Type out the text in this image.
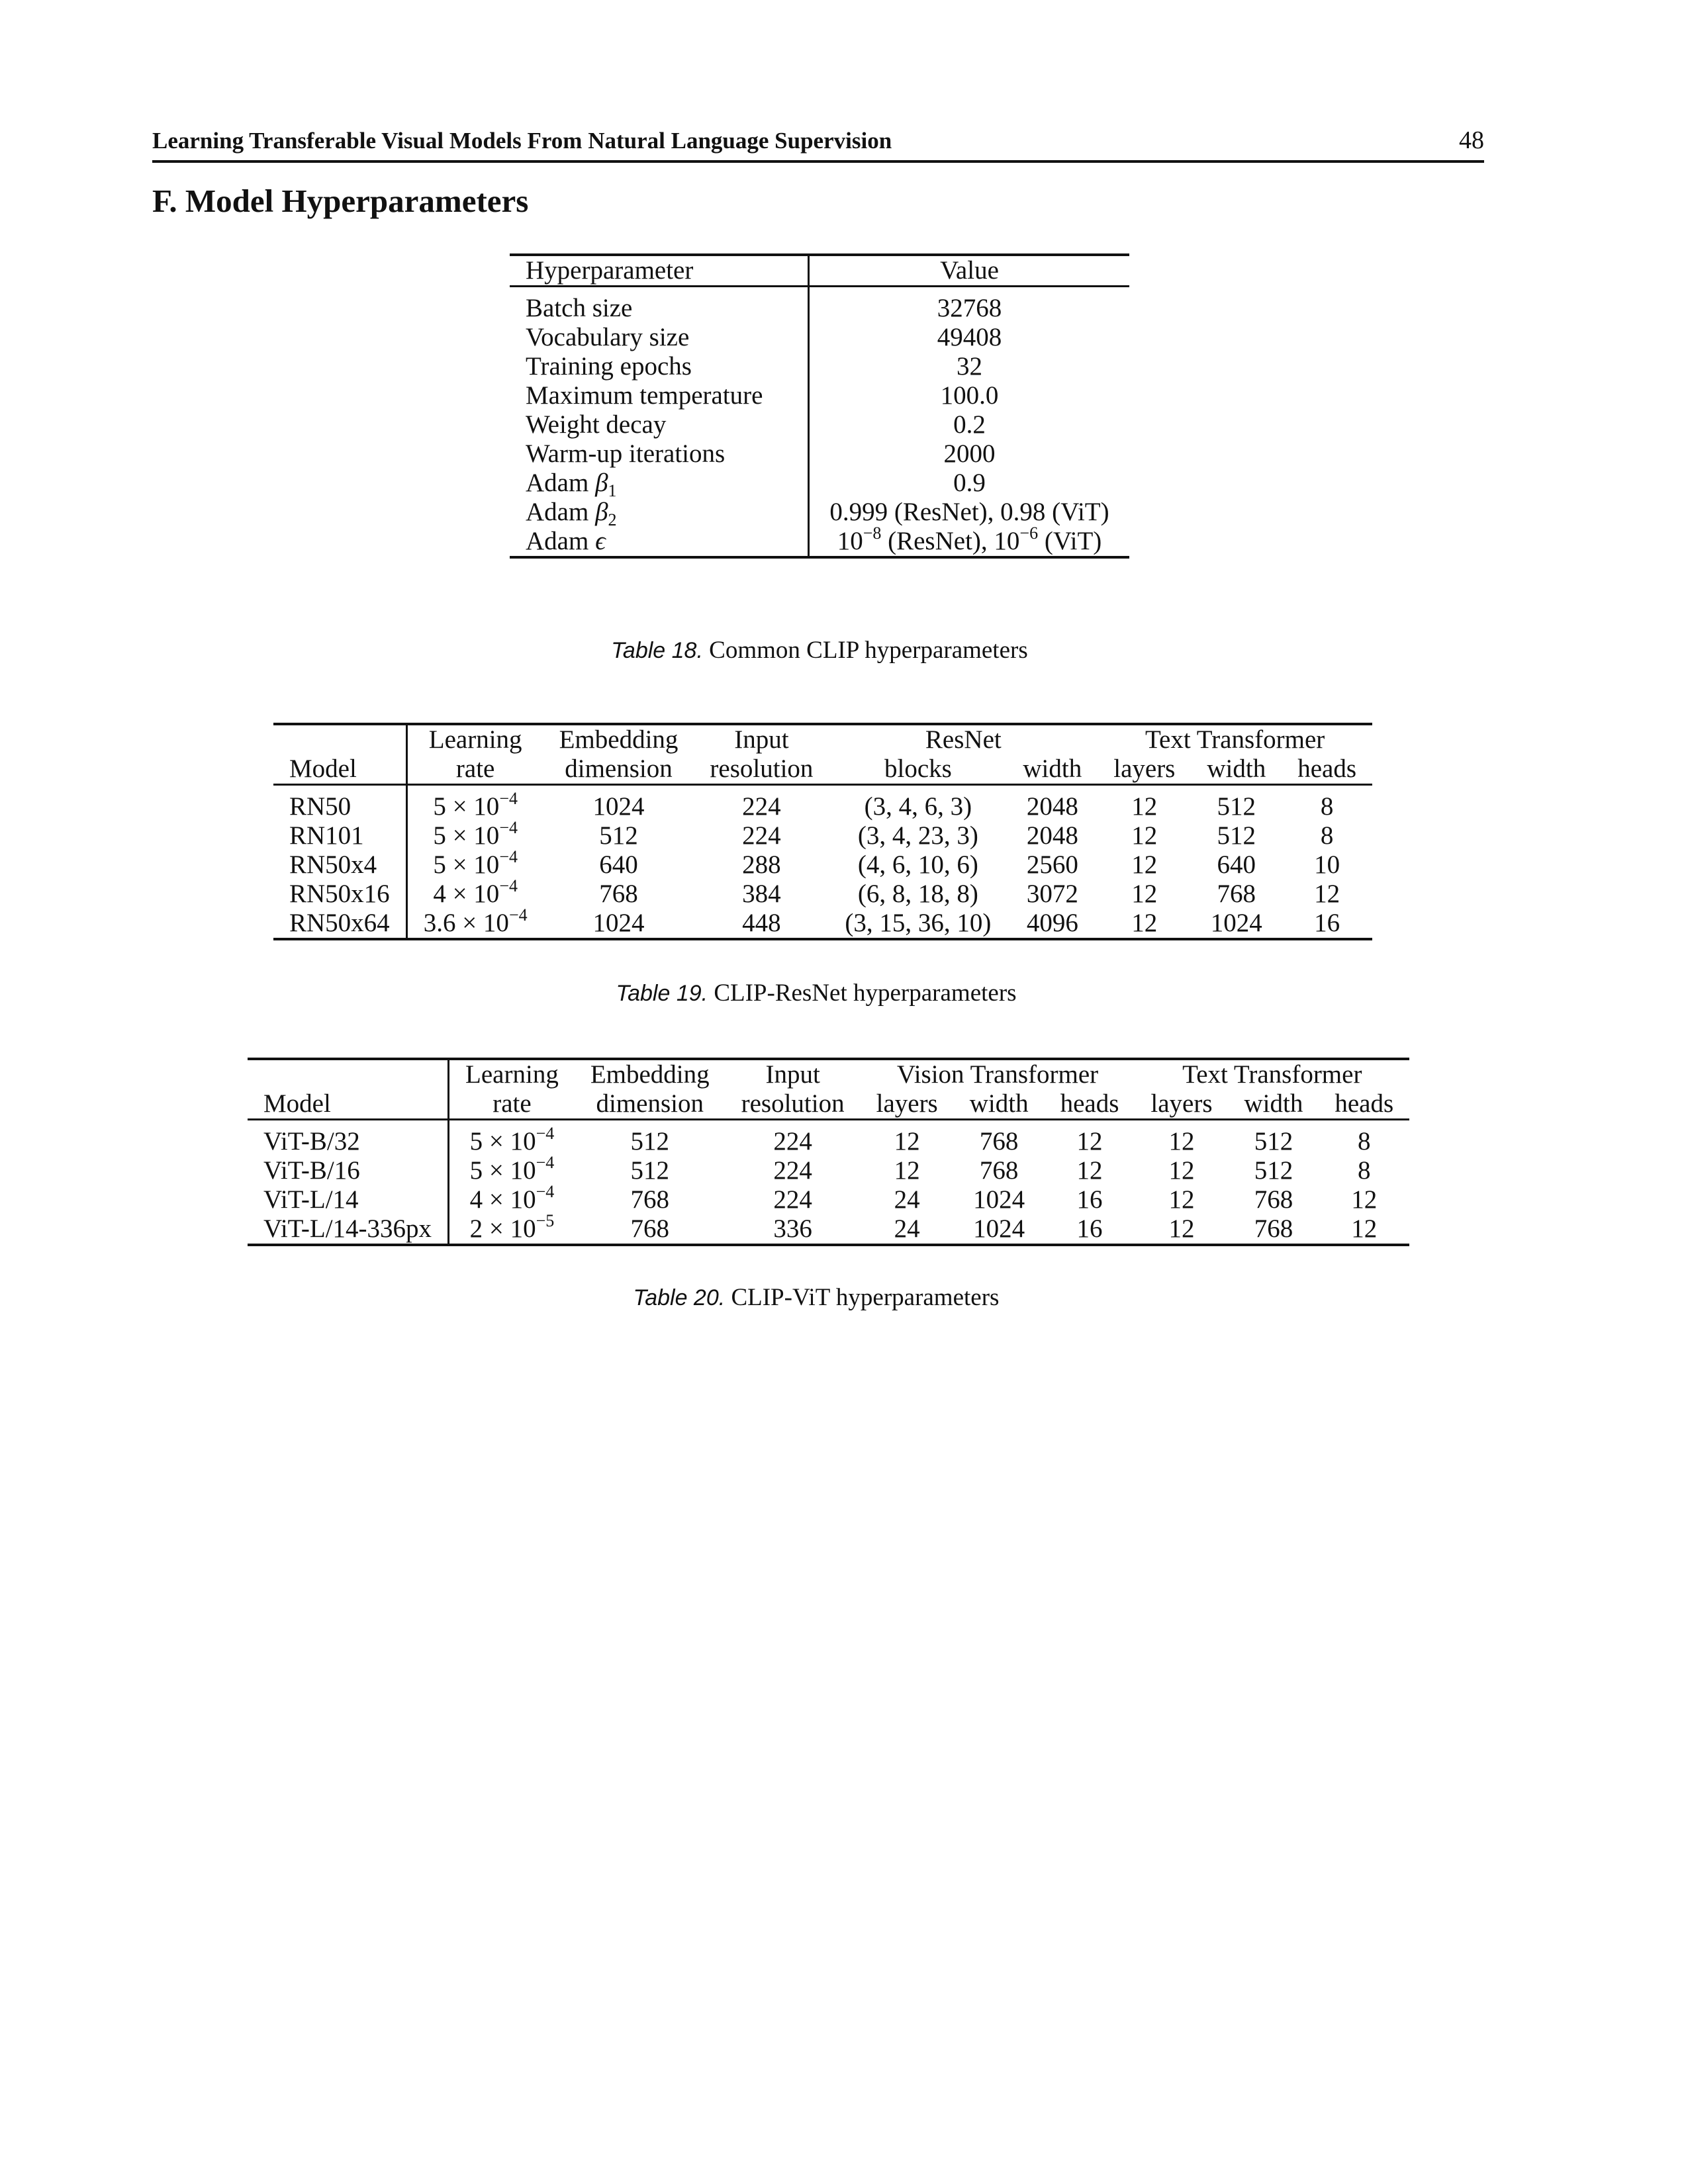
Learning Transferable Visual Models From Natural Language Supervision	48
F. Model Hyperparameters
Hyperparameter	Value

Batch size	32768
Vocabulary size	49408
Training epochs	32
Maximum temperature	100.0
Weight decay	0.2
Warm-up iterations	2000
Adam $\beta_1$	0.9
Adam $\beta_2$	0.999 (ResNet), 0.98 (ViT)
Adam ϵ	$10^{-8}$ (ResNet), $10^{-6}$ (ViT)
Table 18. Common CLIP hyperparameters
	Learning	Embedding	Input	ResNet		Text Transformer		
Model	rate	dimension	resolution	blocks	width	layers	width	heads

RN50	$5 \times 10^{-4}$	1024	224	(3, 4, 6, 3)	2048	12	512	8
RN101	$5 \times 10^{-4}$	512	224	(3, 4, 23, 3)	2048	12	512	8
RN50x4	$5 \times 10^{-4}$	640	288	(4, 6, 10, 6)	2560	12	640	10
RN50x16	$4 \times 10^{-4}$	768	384	(6, 8, 18, 8)	3072	12	768	12
RN50x64	$3.6 \times 10^{-4}$	1024	448	(3, 15, 36, 10)	4096	12	1024	16
Table 19. CLIP-ResNet hyperparameters
	Learning	Embedding	Input	Vision Transformer			Text Transformer		
Model	rate	dimension	resolution	layers	width	heads	layers	width	heads

ViT-B/32	$5 \times 10^{-4}$	512	224	12	768	12	12	512	8
ViT-B/16	$5 \times 10^{-4}$	512	224	12	768	12	12	512	8
ViT-L/14	$4 \times 10^{-4}$	768	224	24	1024	16	12	768	12
ViT-L/14-336px	$2 \times 10^{-5}$	768	336	24	1024	16	12	768	12
Table 20. CLIP-ViT hyperparameters
